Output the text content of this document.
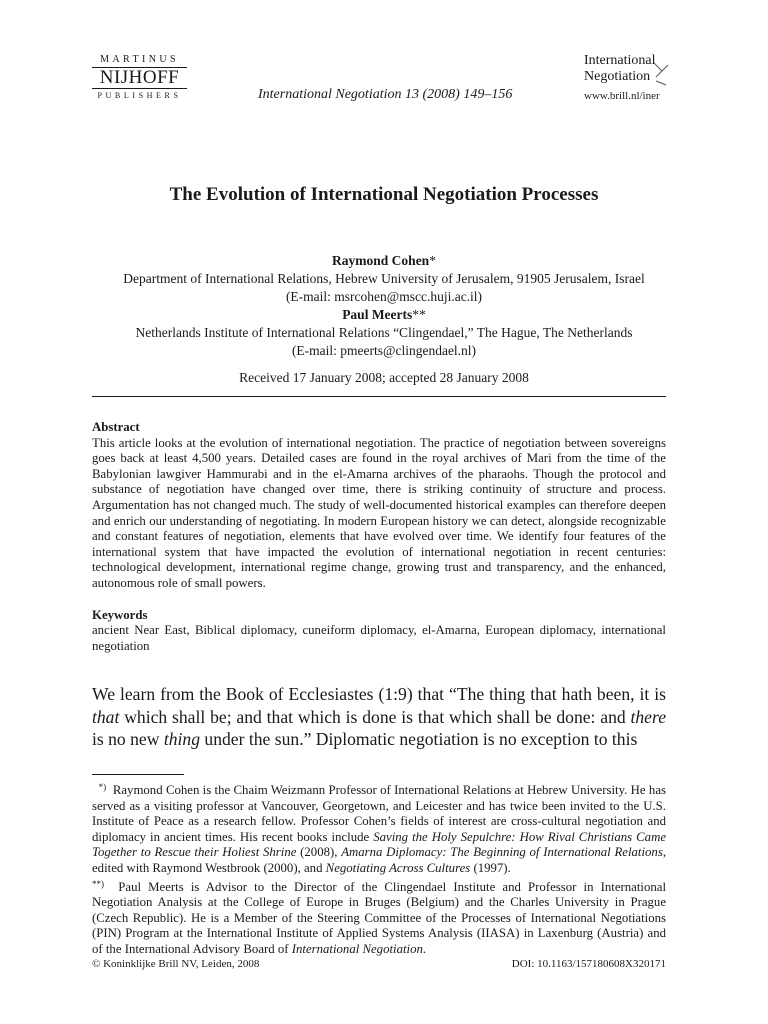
MARTINUS
NIJHOFF
PUBLISHERS	International Negotiation 13 (2008) 149–156
International
Negotiation
www.brill.nl/iner
The Evolution of International Negotiation Processes
Raymond Cohen*
Department of International Relations, Hebrew University of Jerusalem, 91905 Jerusalem, Israel
(E-mail: msrcohen@mscc.huji.ac.il)
Paul Meerts**
Netherlands Institute of International Relations “Clingendael,” The Hague, The Netherlands
(E-mail: pmeerts@clingendael.nl)
Received 17 January 2008; accepted 28 January 2008
Abstract
This article looks at the evolution of international negotiation. The practice of negotiation between sovereigns goes back at least 4,500 years. Detailed cases are found in the royal archives of Mari from the time of the Babylonian lawgiver Hammurabi and in the el-Amarna archives of the pharaohs. Though the protocol and substance of negotiation have changed over time, there is striking continuity of structure and process. Argumentation has not changed much. The study of well-documented historical examples can therefore deepen and enrich our understanding of negotiating. In modern European history we can detect, alongside recognizable and constant features of negotiation, elements that have evolved over time. We identify four features of the international system that have impacted the evolution of international negotiation in recent centuries: technological development, international regime change, growing trust and transparency, and the enhanced, autonomous role of small powers.
Keywords
ancient Near East, Biblical diplomacy, cuneiform diplomacy, el-Amarna, European diplomacy, international negotiation
We learn from the Book of Ecclesiastes (1:9) that “The thing that hath been, it is that which shall be; and that which is done is that which shall be done: and there is no new thing under the sun.” Diplomatic negotiation is no exception to this

*) Raymond Cohen is the Chaim Weizmann Professor of International Relations at Hebrew University. He has served as a visiting professor at Vancouver, Georgetown, and Leicester and has twice been invited to the U.S. Institute of Peace as a research fellow. Professor Cohen’s fields of interest are cross-cultural negotiation and diplomacy in ancient times. His recent books include Saving the Holy Sepulchre: How Rival Christians Came Together to Rescue their Holiest Shrine (2008), Amarna Diplomacy: The Beginning of International Relations, edited with Raymond Westbrook (2000), and Negotiating Across Cultures (1997).

**) Paul Meerts is Advisor to the Director of the Clingendael Institute and Professor in International Negotiation Analysis at the College of Europe in Bruges (Belgium) and the Charles University in Prague (Czech Republic). He is a Member of the Steering Committee of the Processes of International Negotiations (PIN) Program at the International Institute of Applied Systems Analysis (IIASA) in Laxenburg (Austria) and of the International Advisory Board of International Negotiation.

© Koninklijke Brill NV, Leiden, 2008	DOI: 10.1163/157180608X320171
